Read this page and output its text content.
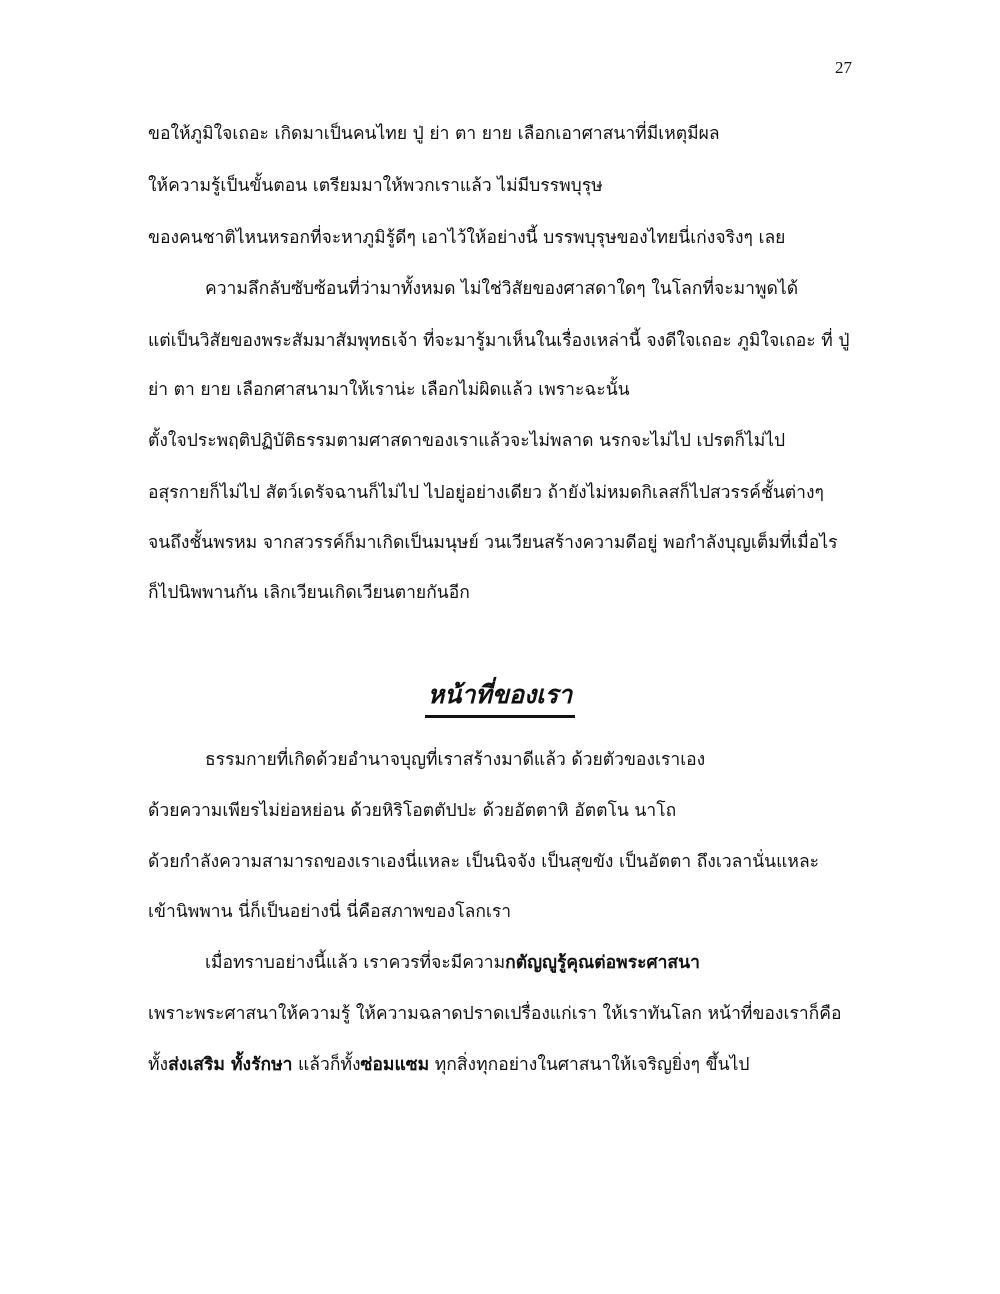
27
ขอให้ภูมิใจเถอะ เกิดมาเป็นคนไทย ปู่ ย่า ตา ยาย เลือกเอาศาสนาที่มีเหตุมีผล
ให้ความรู้เป็นขั้นตอน เตรียมมาให้พวกเราแล้ว ไม่มีบรรพบุรุษ
ของคนชาติไหนหรอกที่จะหาภูมิรู้ดีๆ เอาไว้ให้อย่างนี้ บรรพบุรุษของไทยนี่เก่งจริงๆ เลย
ความลึกลับซับซ้อนที่ว่ามาทั้งหมด ไม่ใช่วิสัยของศาสดาใดๆ ในโลกที่จะมาพูดได้
แต่เป็นวิสัยของพระสัมมาสัมพุทธเจ้า ที่จะมารู้มาเห็นในเรื่องเหล่านี้ จงดีใจเถอะ ภูมิใจเถอะ ที่ ปู่
ย่า ตา ยาย เลือกศาสนามาให้เราน่ะ เลือกไม่ผิดแล้ว เพราะฉะนั้น
ตั้งใจประพฤติปฏิบัติธรรมตามศาสดาของเราแล้วจะไม่พลาด นรกจะไม่ไป เปรตก็ไม่ไป
อสุรกายก็ไม่ไป สัตว์เดรัจฉานก็ไม่ไป ไปอยู่อย่างเดียว ถ้ายังไม่หมดกิเลสก็ไปสวรรค์ชั้นต่างๆ
จนถึงชั้นพรหม จากสวรรค์ก็มาเกิดเป็นมนุษย์ วนเวียนสร้างความดีอยู่ พอกำลังบุญเต็มที่เมื่อไร
ก็ไปนิพพานกัน เลิกเวียนเกิดเวียนตายกันอีก
หน้าที่ของเรา
ธรรมกายที่เกิดด้วยอำนาจบุญที่เราสร้างมาดีแล้ว ด้วยตัวของเราเอง
ด้วยความเพียรไม่ย่อหย่อน ด้วยหิริโอตตัปปะ ด้วยอัตตาหิ อัตตโน นาโถ
ด้วยกำลังความสามารถของเราเองนี่แหละ เป็นนิจจัง เป็นสุขขัง เป็นอัตตา ถึงเวลานั่นแหละ
เข้านิพพาน นี่ก็เป็นอย่างนี่ นี่คือสภาพของโลกเรา
เมื่อทราบอย่างนี้แล้ว เราควรที่จะมีความกตัญญูรู้คุณต่อพระศาสนา
เพราะพระศาสนาให้ความรู้ ให้ความฉลาดปราดเปรื่องแก่เรา ให้เราทันโลก หน้าที่ของเราก็คือ
ทั้งส่งเสริม ทั้งรักษา แล้วก็ทั้งซ่อมแซม ทุกสิ่งทุกอย่างในศาสนาให้เจริญยิ่งๆ ขึ้นไป
